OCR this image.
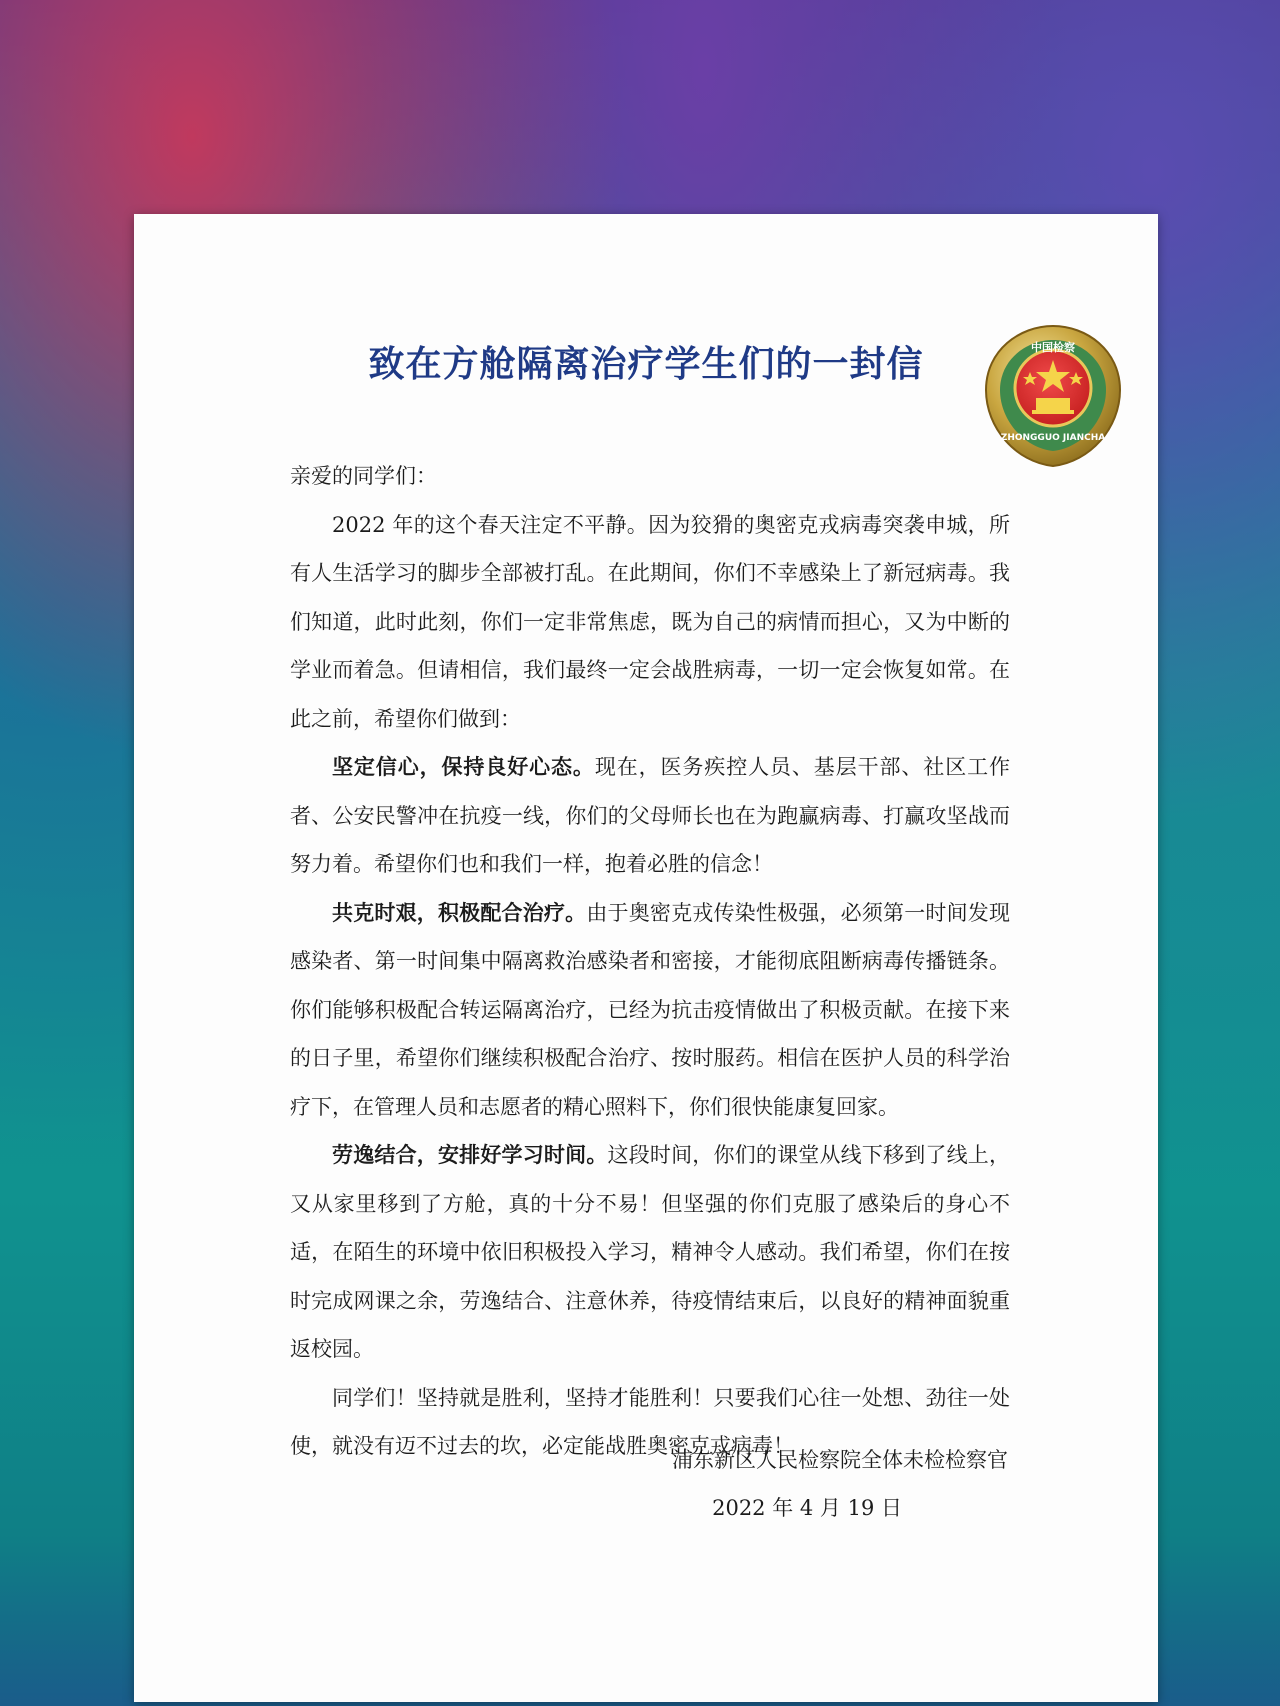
致在方舱隔离治疗学生们的一封信	中国检察
ZHONGGUO JIANCHA

亲爱的同学们：

2022 年的这个春天注定不平静。因为狡猾的奥密克戎病毒突袭申城，所有人生活学习的脚步全部被打乱。在此期间，你们不幸感染上了新冠病毒。我们知道，此时此刻，你们一定非常焦虑，既为自己的病情而担心，又为中断的学业而着急。但请相信，我们最终一定会战胜病毒，一切一定会恢复如常。在此之前，希望你们做到：

坚定信心，保持良好心态。现在，医务疾控人员、基层干部、社区工作者、公安民警冲在抗疫一线，你们的父母师长也在为跑赢病毒、打赢攻坚战而努力着。希望你们也和我们一样，抱着必胜的信念！

共克时艰，积极配合治疗。由于奥密克戎传染性极强，必须第一时间发现感染者、第一时间集中隔离救治感染者和密接，才能彻底阻断病毒传播链条。你们能够积极配合转运隔离治疗，已经为抗击疫情做出了积极贡献。在接下来的日子里，希望你们继续积极配合治疗、按时服药。相信在医护人员的科学治疗下，在管理人员和志愿者的精心照料下，你们很快能康复回家。

劳逸结合，安排好学习时间。这段时间，你们的课堂从线下移到了线上，又从家里移到了方舱，真的十分不易！但坚强的你们克服了感染后的身心不适，在陌生的环境中依旧积极投入学习，精神令人感动。我们希望，你们在按时完成网课之余，劳逸结合、注意休养，待疫情结束后，以良好的精神面貌重返校园。

同学们！坚持就是胜利，坚持才能胜利！只要我们心往一处想、劲往一处使，就没有迈不过去的坎，必定能战胜奥密克戎病毒！

浦东新区人民检察院全体未检检察官
2022 年 4 月 19 日
